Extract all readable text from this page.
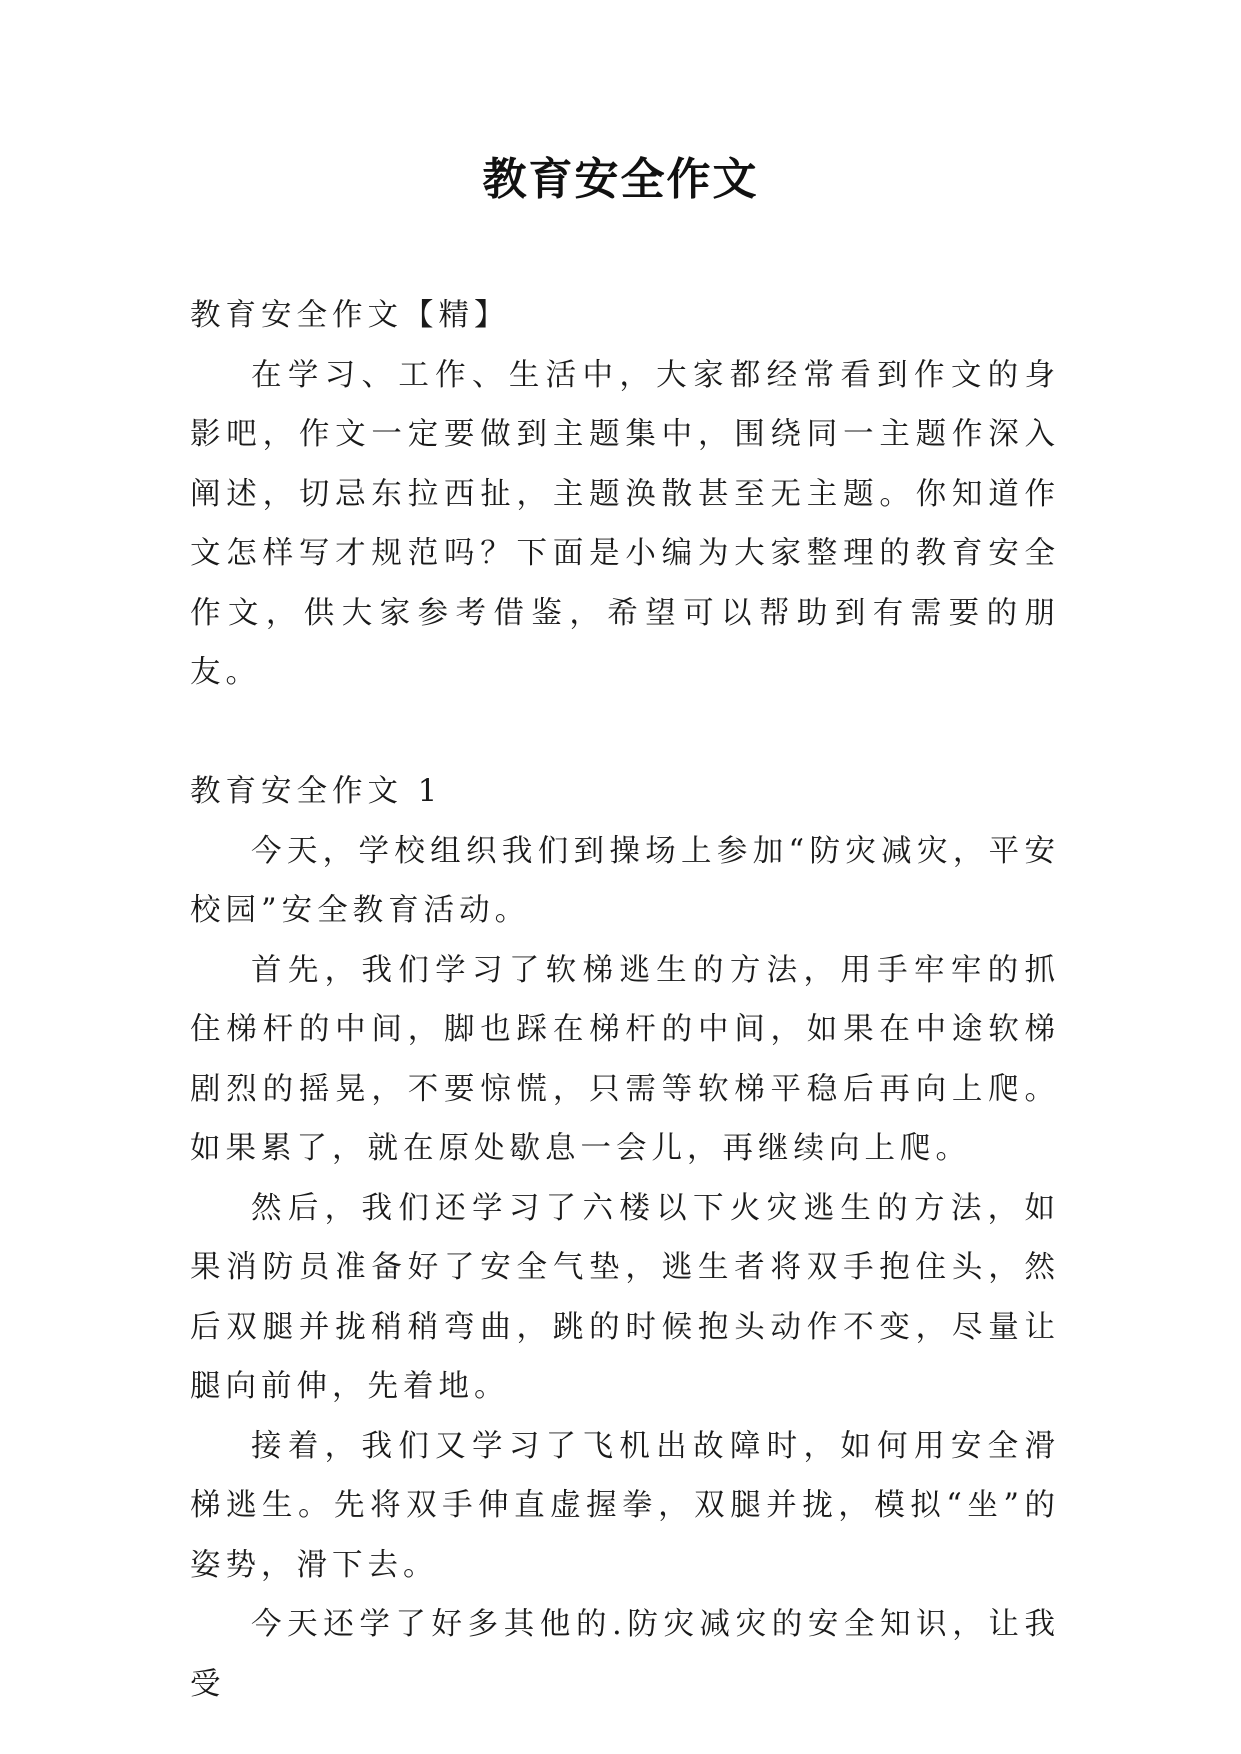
教育安全作文

教育安全作文【精】

在学习、工作、生活中，大家都经常看到作文的身影吧，作文一定要做到主题集中，围绕同一主题作深入阐述，切忌东拉西扯，主题涣散甚至无主题。你知道作文怎样写才规范吗？下面是小编为大家整理的教育安全作文，供大家参考借鉴，希望可以帮助到有需要的朋友。

教育安全作文 1

今天，学校组织我们到操场上参加“防灾减灾，平安校园”安全教育活动。

首先，我们学习了软梯逃生的方法，用手牢牢的抓住梯杆的中间，脚也踩在梯杆的中间，如果在中途软梯剧烈的摇晃，不要惊慌，只需等软梯平稳后再向上爬。如果累了，就在原处歇息一会儿，再继续向上爬。

然后，我们还学习了六楼以下火灾逃生的方法，如果消防员准备好了安全气垫，逃生者将双手抱住头，然后双腿并拢稍稍弯曲，跳的时候抱头动作不变，尽量让腿向前伸，先着地。

接着，我们又学习了飞机出故障时，如何用安全滑梯逃生。先将双手伸直虚握拳，双腿并拢，模拟“坐”的姿势，滑下去。

今天还学了好多其他的.防灾减灾的安全知识，让我受
